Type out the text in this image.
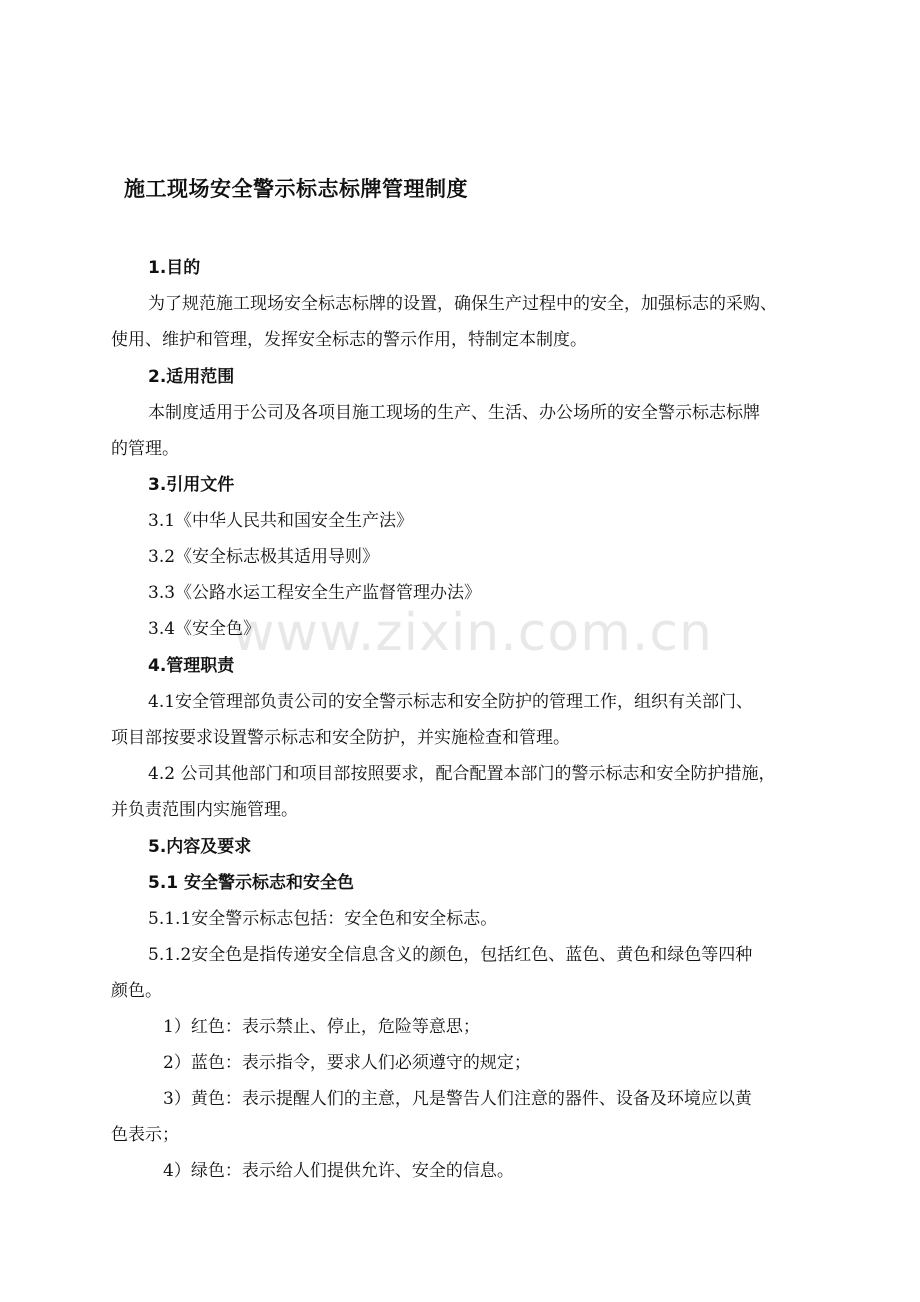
www.zixin.com.cn
施工现场安全警示标志标牌管理制度
1.目的
为了规范施工现场安全标志标牌的设置，确保生产过程中的安全，加强标志的采购、
使用、维护和管理，发挥安全标志的警示作用，特制定本制度。
2.适用范围
本制度适用于公司及各项目施工现场的生产、生活、办公场所的安全警示标志标牌
的管理。
3.引用文件
3.1《中华人民共和国安全生产法》
3.2《安全标志极其适用导则》
3.3《公路水运工程安全生产监督管理办法》
3.4《安全色》
4.管理职责
4.1安全管理部负责公司的安全警示标志和安全防护的管理工作，组织有关部门、
项目部按要求设置警示标志和安全防护，并实施检查和管理。
4.2 公司其他部门和项目部按照要求，配合配置本部门的警示标志和安全防护措施，
并负责范围内实施管理。
5.内容及要求
5.1 安全警示标志和安全色
5.1.1安全警示标志包括：安全色和安全标志。
5.1.2安全色是指传递安全信息含义的颜色，包括红色、蓝色、黄色和绿色等四种
颜色。
1）红色：表示禁止、停止，危险等意思；
2）蓝色：表示指令，要求人们必须遵守的规定；
3）黄色：表示提醒人们的主意，凡是警告人们注意的器件、设备及环境应以黄
色表示；
4）绿色：表示给人们提供允许、安全的信息。
